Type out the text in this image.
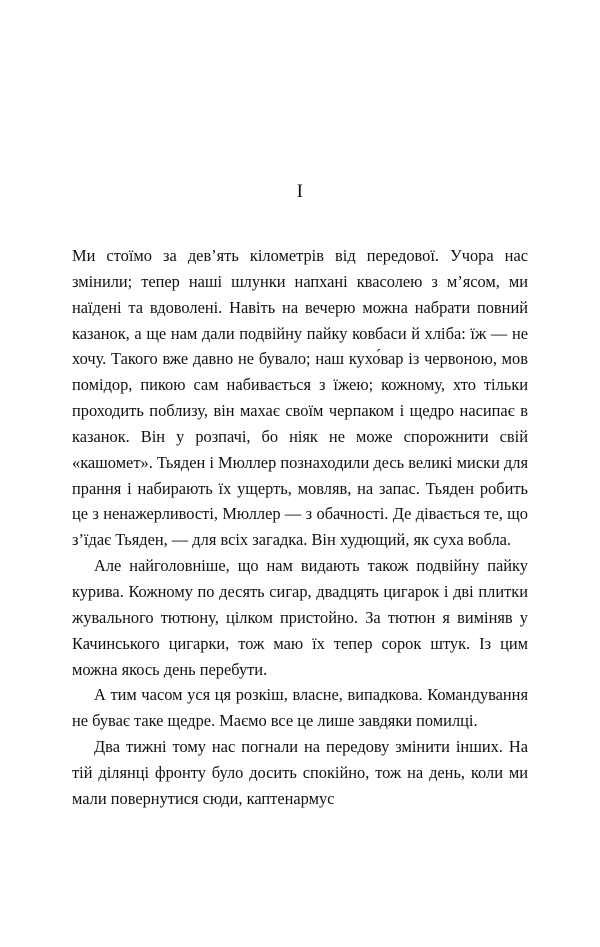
I

Ми стоїмо за дев’ять кілометрів від передової. Учора нас змінили; тепер наші шлунки напхані квасолею з м’ясом, ми наїдені та вдоволені. Навіть на вечерю можна набрати повний казанок, а ще нам дали подвійну пайку ковбаси й хліба: їж — не хочу. Такого вже давно не бувало; наш кухо́вар із червоною, мов помідор, пикою сам набивається з їжею; кожному, хто тільки проходить поблизу, він махає своїм черпаком і щедро насипає в казанок. Він у розпачі, бо ніяк не може спорожнити свій «кашомет». Тьяден і Мюллер познаходили десь великі миски для прання і набирають їх ущерть, мовляв, на запас. Тьяден робить це з ненажерливості, Мюллер — з обачності. Де дівається те, що з’їдає Тьяден, — для всіх загадка. Він худющий, як суха вобла.

Але найголовніше, що нам видають також подвійну пайку курива. Кожному по десять сигар, двадцять цигарок і дві плитки жувального тютюну, цілком пристойно. За тютюн я виміняв у Качинського цигарки, тож маю їх тепер сорок штук. Із цим можна якось день перебути.

А тим часом уся ця розкіш, власне, випадкова. Командування не буває таке щедре. Маємо все це лише завдяки помилці.

Два тижні тому нас погнали на передову змінити інших. На тій ділянці фронту було досить спокійно, тож на день, коли ми мали повернутися сюди, каптенармус
